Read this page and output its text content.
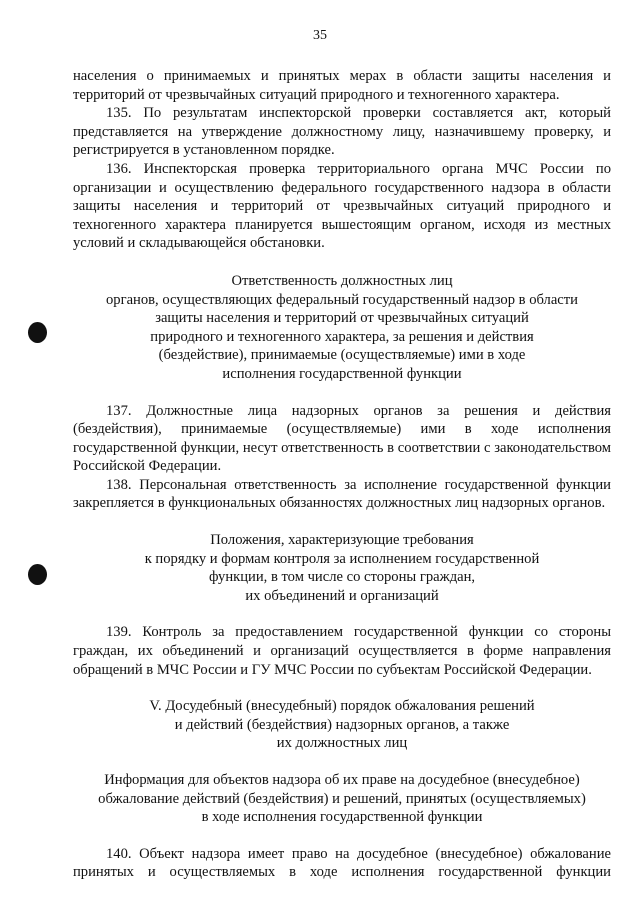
35

населения о принимаемых и принятых мерах в области защиты населения и территорий от чрезвычайных ситуаций природного и техногенного характера.

135. По результатам инспекторской проверки составляется акт, который представляется на утверждение должностному лицу, назначившему проверку, и регистрируется в установленном порядке.

136. Инспекторская проверка территориального органа МЧС России по организации и осуществлению федерального государственного надзора в области защиты населения и территорий от чрезвычайных ситуаций природного и техногенного характера планируется вышестоящим органом, исходя из местных условий и складывающейся обстановки.

Ответственность должностных лиц
органов, осуществляющих федеральный государственный надзор в области
защиты населения и территорий от чрезвычайных ситуаций
природного и техногенного характера, за решения и действия
(бездействие), принимаемые (осуществляемые) ими в ходе
исполнения государственной функции

137. Должностные лица надзорных органов за решения и действия (бездействия), принимаемые (осуществляемые) ими в ходе исполнения государственной функции, несут ответственность в соответствии с законодательством Российской Федерации.

138. Персональная ответственность за исполнение государственной функции закрепляется в функциональных обязанностях должностных лиц надзорных органов.

Положения, характеризующие требования
к порядку и формам контроля за исполнением государственной
функции, в том числе со стороны граждан,
их объединений и организаций

139. Контроль за предоставлением государственной функции со стороны граждан, их объединений и организаций осуществляется в форме направления обращений в МЧС России и ГУ МЧС России по субъектам Российской Федерации.

V. Досудебный (внесудебный) порядок обжалования решений
и действий (бездействия) надзорных органов, а также
их должностных лиц
Информация для объектов надзора об их праве на досудебное (внесудебное)
обжалование действий (бездействия) и решений, принятых (осуществляемых)
в ходе исполнения государственной функции

140. Объект надзора имеет право на досудебное (внесудебное) обжалование принятых и осуществляемых в ходе исполнения государственной функции
